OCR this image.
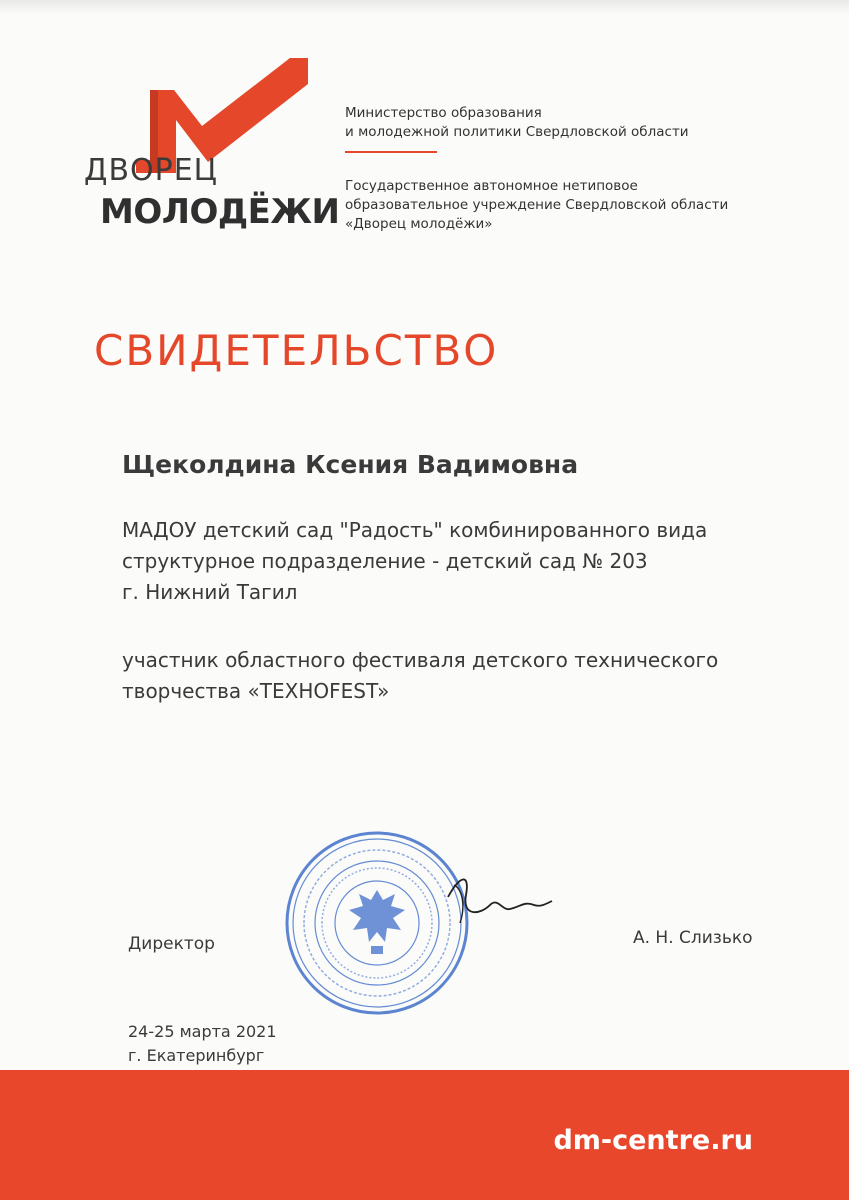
ДВОРЕЦ
МОЛОДЁЖИ
Министерство образования
и молодежной политики Свердловской области
Государственное автономное нетиповое
образовательное учреждение Свердловской области
«Дворец молодёжи»
СВИДЕТЕЛЬСТВО
Щеколдина Ксения Вадимовна
МАДОУ детский сад "Радость" комбинированного вида
структурное подразделение - детский сад № 203
г. Нижний Тагил
участник областного фестиваля детского технического
творчества «TEXHOFEST»
Директор	А. Н. Слизько
24-25 марта 2021
г. Екатеринбург
dm-centre.ru
